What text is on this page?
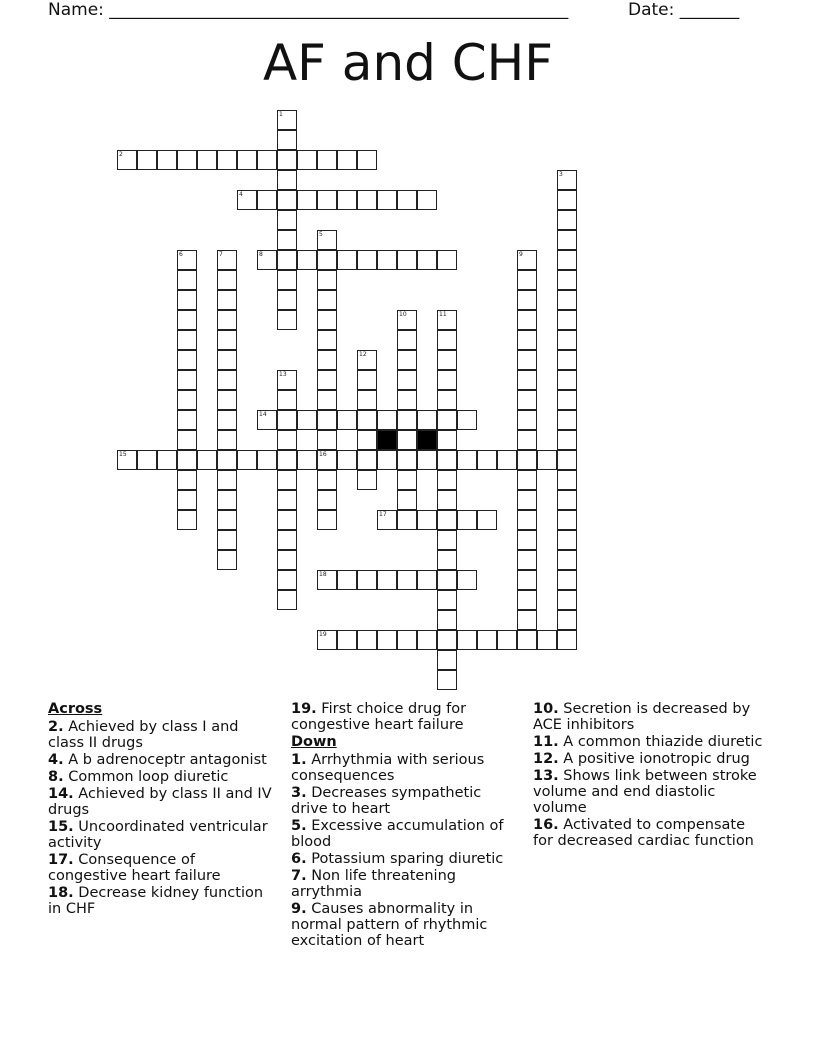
Name: ______________________________________________________	Date: _______
AF and CHF
1
2
3
4
5
6	7	8	9
10	11
12
13
14
15	16
17
18
19
Across
2. Achieved by class I and class II drugs
4. A b adrenoceptr antagonist
8. Common loop diuretic
14. Achieved by class II and IV drugs
15. Uncoordinated ventricular activity
17. Consequence of congestive heart failure
18. Decrease kidney function in CHF
19. First choice drug for congestive heart failure
Down
1. Arrhythmia with serious consequences
3. Decreases sympathetic drive to heart
5. Excessive accumulation of blood
6. Potassium sparing diuretic
7. Non life threatening arrythmia
9. Causes abnormality in normal pattern of rhythmic excitation of heart
10. Secretion is decreased by ACE inhibitors
11. A common thiazide diuretic
12. A positive ionotropic drug
13. Shows link between stroke volume and end diastolic volume
16. Activated to compensate for decreased cardiac function
